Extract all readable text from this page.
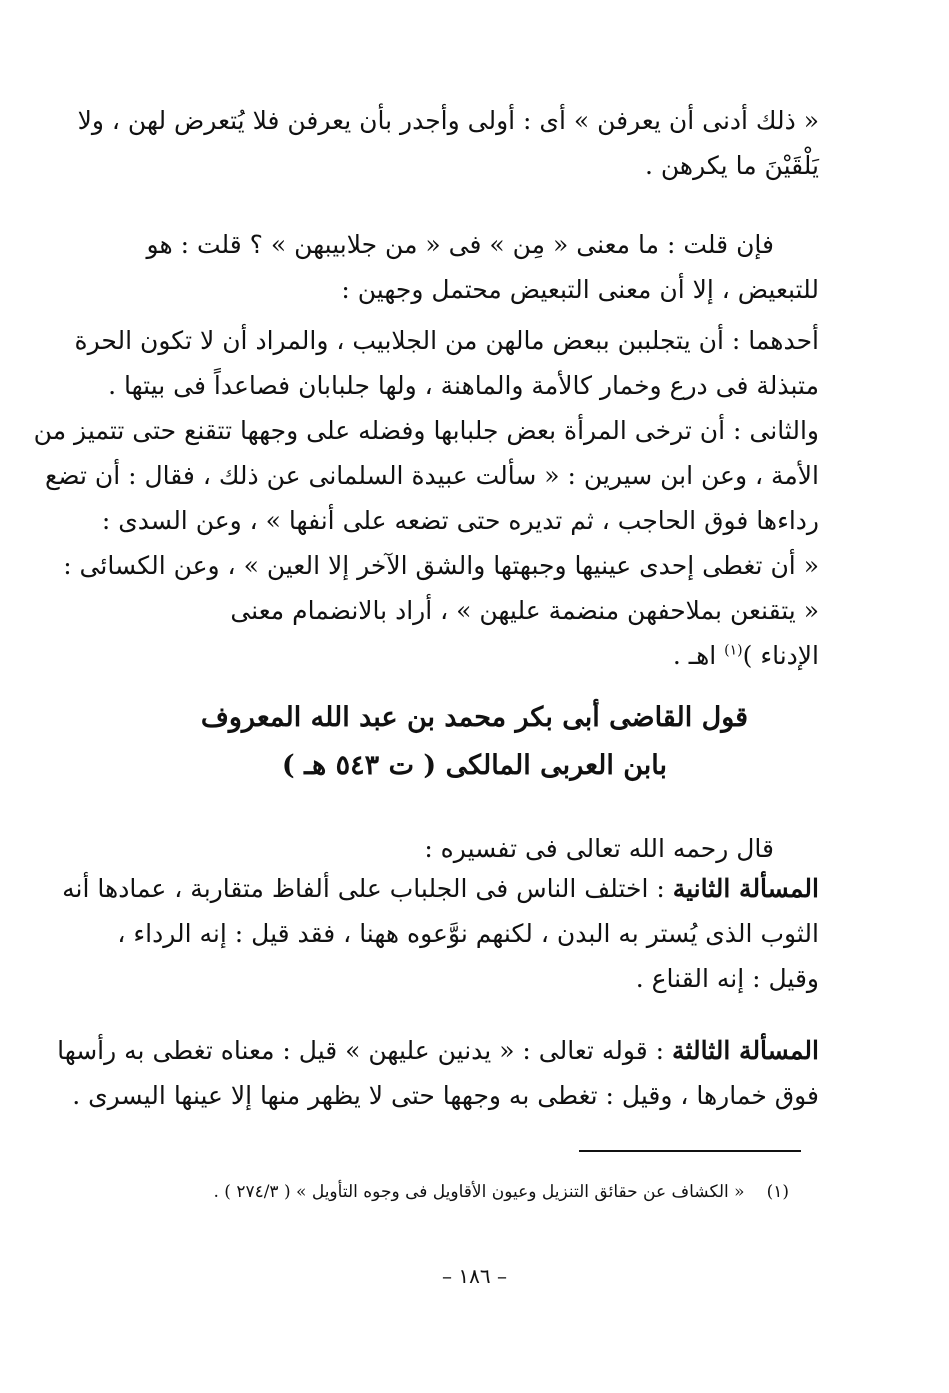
« ذلك أدنى أن يعرفن » أى : أولى وأجدر بأن يعرفن فلا يُتعرض لهن ، ولا
يَلْقَيْنَ ما يكرهن .
فإن قلت : ما معنى « مِن » فى « من جلابيبهن » ؟ قلت : هو
للتبعيض ، إلا أن معنى التبعيض محتمل وجهين :
أحدهما : أن يتجلببن ببعض مالهن من الجلابيب ، والمراد أن لا تكون الحرة
متبذلة فى درع وخمار كالأمة والماهنة ، ولها جلبابان فصاعداً فى بيتها .
والثانى : أن ترخى المرأة بعض جلبابها وفضله على وجهها تتقنع حتى تتميز من
الأمة ، وعن ابن سيرين : « سألت عبيدة السلمانى عن ذلك ، فقال : أن تضع
رداءها فوق الحاجب ، ثم تديره حتى تضعه على أنفها » ، وعن السدى :
« أن تغطى إحدى عينيها وجبهتها والشق الآخر إلا العين » ، وعن الكسائى :
« يتقنعن بملاحفهن منضمة عليهن » ، أراد بالانضمام معنى
الإدناء )$^{(١)}$ اهـ .
قول القاضى أبى بكر محمد بن عبد الله المعروف
بابن العربى المالكى ( ت ٥٤٣ هـ )
قال رحمه الله تعالى فى تفسيره :
المسألة الثانية : اختلف الناس فى الجلباب على ألفاظ متقاربة ، عمادها أنه
الثوب الذى يُستر به البدن ، لكنهم نوَّعوه ههنا ، فقد قيل : إنه الرداء ،
وقيل : إنه القناع .
المسألة الثالثة : قوله تعالى : « يدنين عليهن » قيل : معناه تغطى به رأسها
فوق خمارها ، وقيل : تغطى به وجهها حتى لا يظهر منها إلا عينها اليسرى .
(١)« الكشاف عن حقائق التنزيل وعيون الأقاويل فى وجوه التأويل » ( ٢٧٤/٣ ) .
– ١٨٦ –
